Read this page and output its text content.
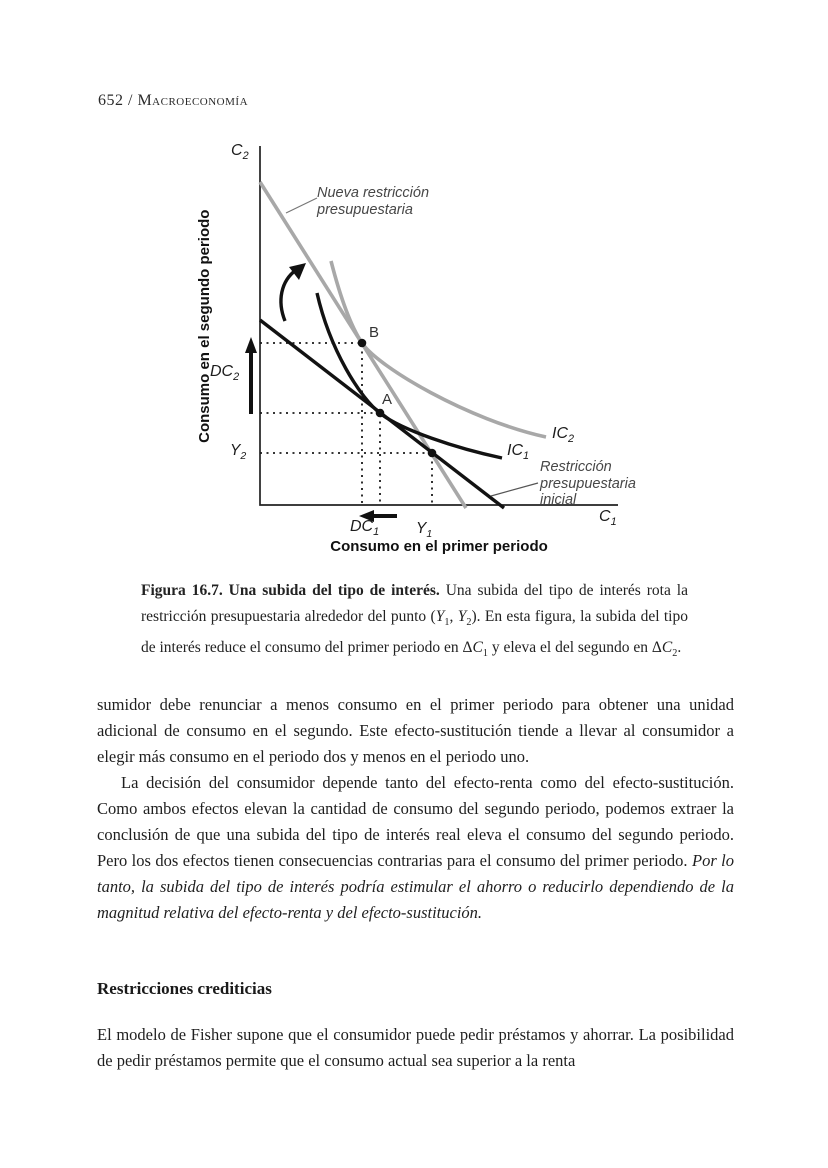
652 / Macroeconomía
$C_2$
$C_1$
Consumo en el segundo periodo
Consumo en el primer periodo
Nueva restricción
presupuestaria
Restricción
presupuestaria
inicial
$DC_2$
$DC_1$
$Y_2$
$Y_1$
$IC_2$
$IC_1$
B
A
Figura 16.7. Una subida del tipo de interés. Una subida del tipo de interés rota la restricción presupuestaria alrededor del punto ($Y_1$, $Y_2$). En esta figura, la subida del tipo de interés reduce el consumo del primer periodo en $\Delta C_1$ y eleva el del segundo en $\Delta C_2$.
sumidor debe renunciar a menos consumo en el primer periodo para obtener una unidad adicional de consumo en el segundo. Este efecto-sustitución tiende a llevar al consumidor a elegir más consumo en el periodo dos y menos en el periodo uno.
La decisión del consumidor depende tanto del efecto-renta como del efecto-sustitución. Como ambos efectos elevan la cantidad de consumo del segundo periodo, podemos extraer la conclusión de que una subida del tipo de interés real eleva el consumo del segundo periodo. Pero los dos efectos tienen consecuencias contrarias para el consumo del primer periodo. Por lo tanto, la subida del tipo de interés podría estimular el ahorro o reducirlo dependiendo de la magnitud relativa del efecto-renta y del efecto-sustitución.
Restricciones crediticias
El modelo de Fisher supone que el consumidor puede pedir préstamos y ahorrar. La posibilidad de pedir préstamos permite que el consumo actual sea superior a la renta
